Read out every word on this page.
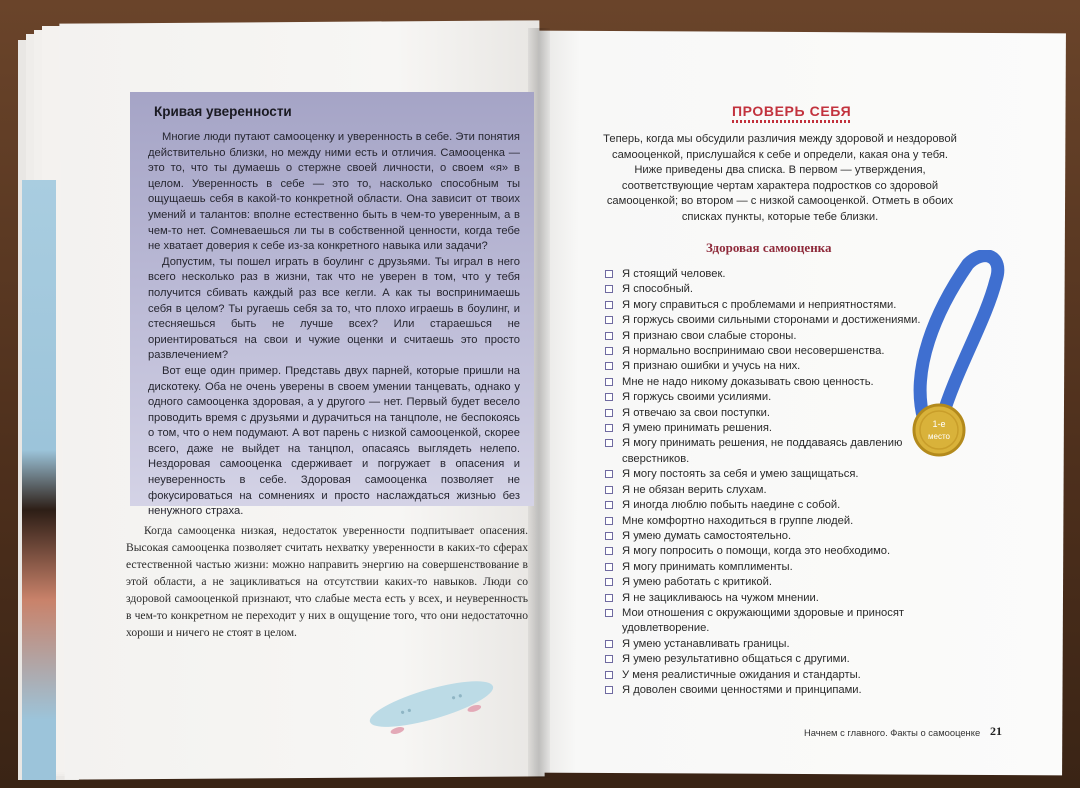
Кривая уверенности

Многие люди путают самооценку и уверенность в себе. Эти понятия действительно близки, но между ними есть и отличия. Самооценка — это то, что ты думаешь о стержне своей личности, о своем «я» в целом. Уверенность в себе — это то, насколько способным ты ощущаешь себя в какой-то конкретной области. Она зависит от твоих умений и талантов: вполне естественно быть в чем-то уверенным, а в чем-то нет. Сомневаешься ли ты в собственной ценности, когда тебе не хватает доверия к себе из-за конкретного навыка или задачи?

Допустим, ты пошел играть в боулинг с друзьями. Ты играл в него всего несколько раз в жизни, так что не уверен в том, что у тебя получится сбивать каждый раз все кегли. А как ты воспринимаешь себя в целом? Ты ругаешь себя за то, что плохо играешь в боулинг, и стесняешься быть не лучше всех? Или стараешься не ориентироваться на свои и чужие оценки и считаешь это просто развлечением?

Вот еще один пример. Представь двух парней, которые пришли на дискотеку. Оба не очень уверены в своем умении танцевать, однако у одного самооценка здоровая, а у другого — нет. Первый будет весело проводить время с друзьями и дурачиться на танцполе, не беспокоясь о том, что о нем подумают. А вот парень с низкой самооценкой, скорее всего, даже не выйдет на танцпол, опасаясь выглядеть нелепо. Нездоровая самооценка сдерживает и погружает в опасения и неуверенность в себе. Здоровая самооценка позволяет не фокусироваться на сомнениях и просто наслаждаться жизнью без ненужного страха.

Когда самооценка низкая, недостаток уверенности подпитывает опасения. Высокая самооценка позволяет считать нехватку уверенности в каких-то сферах естественной частью жизни: можно направить энергию на совершенствование в этой области, а не зацикливаться на отсутствии каких-то навыков. Люди со здоровой самооценкой признают, что слабые места есть у всех, и неуверенность в чем-то конкретном не переходит у них в ощущение того, что они недостаточно хороши и ничего не стоят в целом.

ПРОВЕРЬ СЕБЯ
Теперь, когда мы обсудили различия между здоровой и нездоровой самооценкой, прислушайся к себе и определи, какая она у тебя. Ниже приведены два списка. В первом — утверждения, соответствующие чертам характера подростков со здоровой самооценкой; во втором — с низкой самооценкой. Отметь в обоих списках пункты, которые тебе близки.
Здоровая самооценка
Я стоящий человек.
Я способный.
Я могу справиться с проблемами и неприятностями.
Я горжусь своими сильными сторонами и достижениями.
Я признаю свои слабые стороны.
Я нормально воспринимаю свои несовершенства.
Я признаю ошибки и учусь на них.
Мне не надо никому доказывать свою ценность.
Я горжусь своими усилиями.
Я отвечаю за свои поступки.
Я умею принимать решения.
Я могу принимать решения, не поддаваясь давлению сверстников.
Я могу постоять за себя и умею защищаться.
Я не обязан верить слухам.
Я иногда люблю побыть наедине с собой.
Мне комфортно находиться в группе людей.
Я умею думать самостоятельно.
Я могу попросить о помощи, когда это необходимо.
Я могу принимать комплименты.
Я умею работать с критикой.
Я не зацикливаюсь на чужом мнении.
Мои отношения с окружающими здоровые и приносят удовлетворение.
Я умею устанавливать границы.
Я умею результативно общаться с другими.
У меня реалистичные ожидания и стандарты.
Я доволен своими ценностями и принципами.
1-е
место
Начнем с главного. Факты о самооценке 21
